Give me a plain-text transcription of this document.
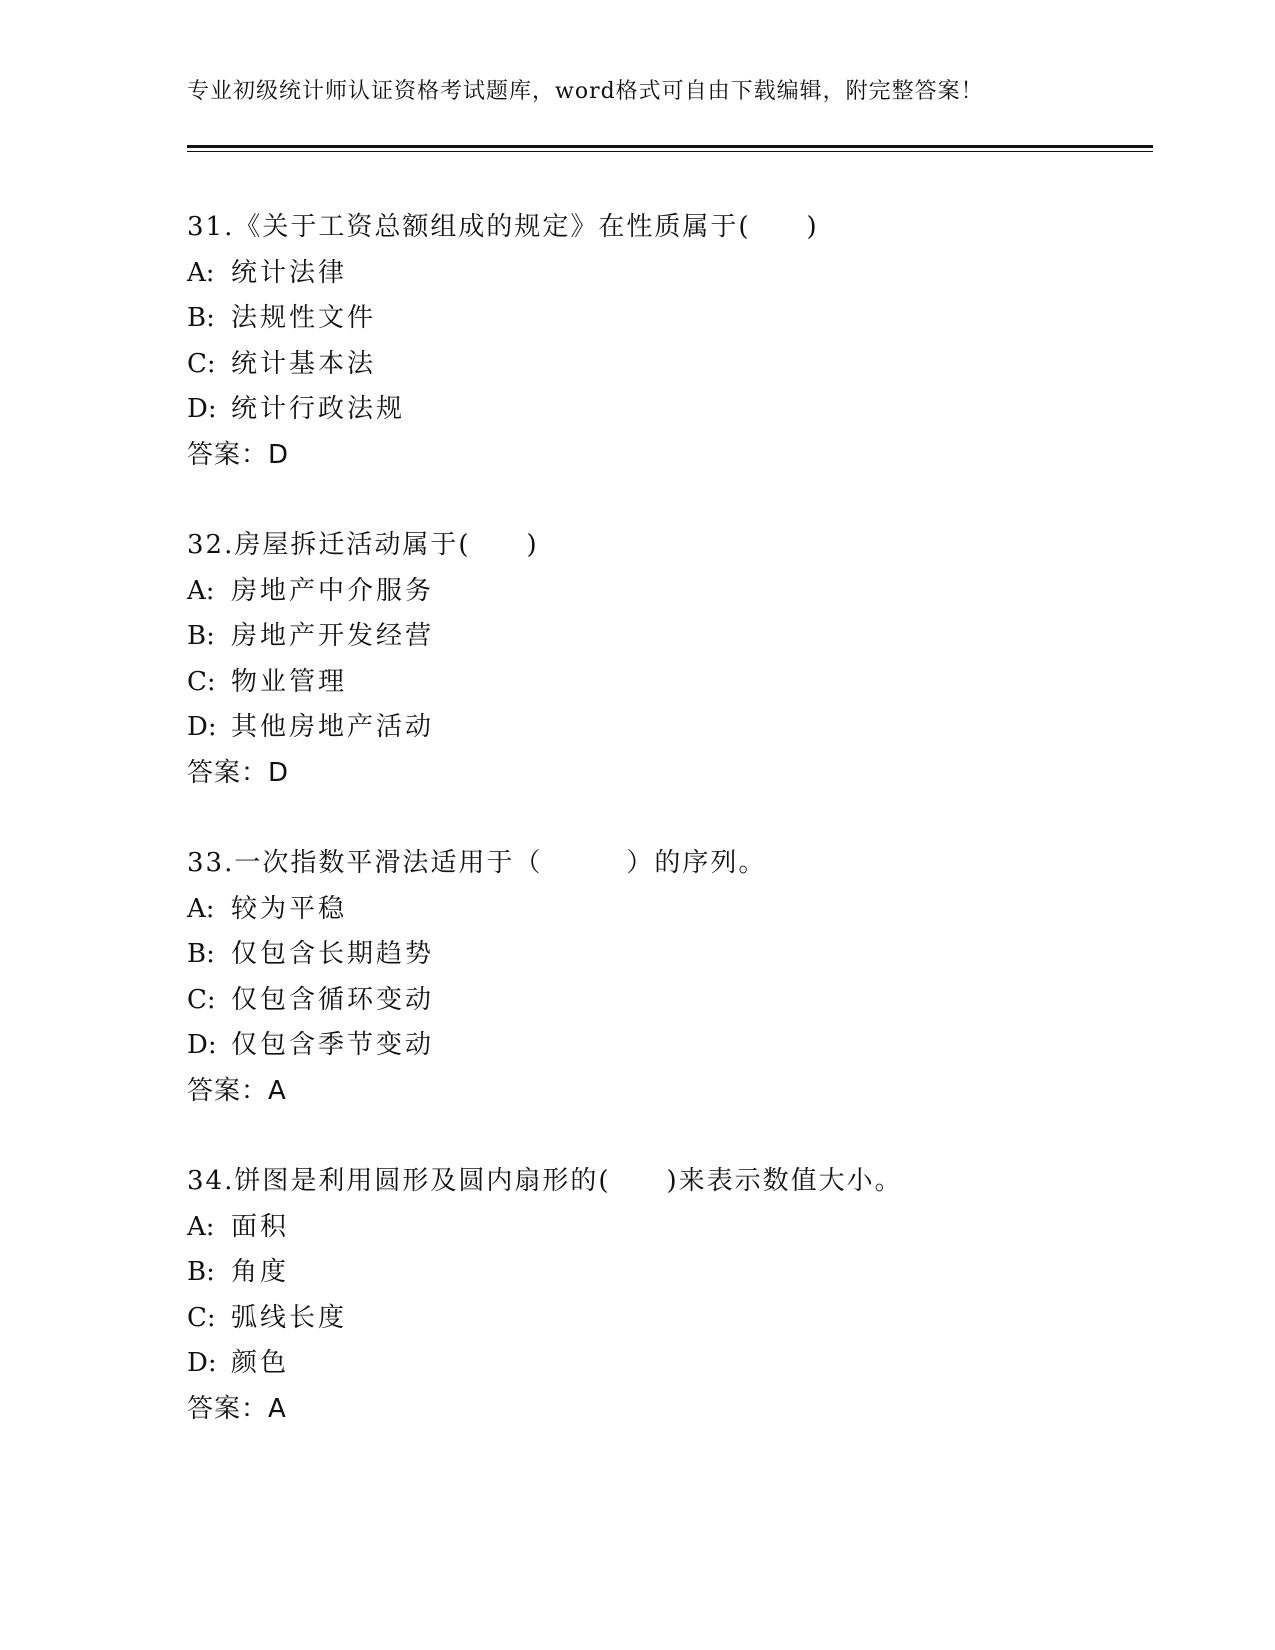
专业初级统计师认证资格考试题库，word格式可自由下载编辑，附完整答案！
31.《关于工资总额组成的规定》在性质属于(　　)
A: 统计法律
B: 法规性文件
C: 统计基本法
D: 统计行政法规
答案：D
32.房屋拆迁活动属于(　　)
A: 房地产中介服务
B: 房地产开发经营
C: 物业管理
D: 其他房地产活动
答案：D
33.一次指数平滑法适用于（　　　）的序列。
A: 较为平稳
B: 仅包含长期趋势
C: 仅包含循环变动
D: 仅包含季节变动
答案：A
34.饼图是利用圆形及圆内扇形的(　　)来表示数值大小。
A: 面积
B: 角度
C: 弧线长度
D: 颜色
答案：A
